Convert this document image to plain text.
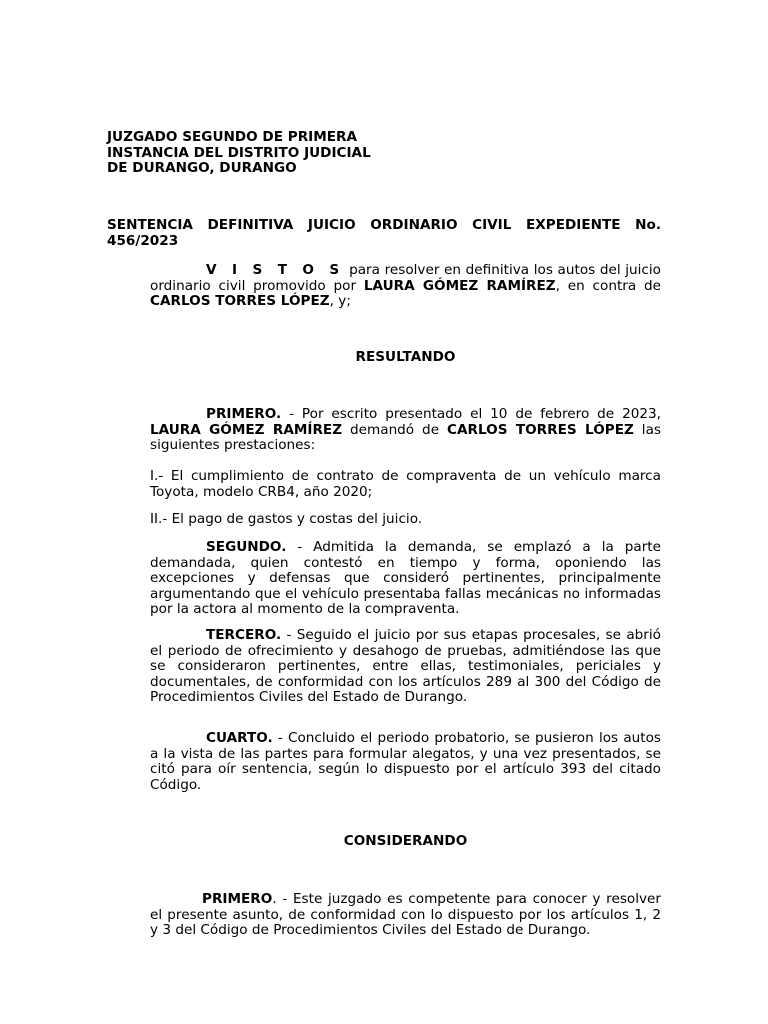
JUZGADO SEGUNDO DE PRIMERA
INSTANCIA DEL DISTRITO JUDICIAL
DE DURANGO, DURANGO

SENTENCIA DEFINITIVA JUICIO ORDINARIO CIVIL EXPEDIENTE No. 456/2023

V I S T O S para resolver en definitiva los autos del juicio ordinario civil promovido por LAURA GÓMEZ RAMÍREZ, en contra de CARLOS TORRES LÓPEZ, y;

RESULTANDO

PRIMERO. - Por escrito presentado el 10 de febrero de 2023, LAURA GÓMEZ RAMÍREZ demandó de CARLOS TORRES LÓPEZ las siguientes prestaciones:

I.- El cumplimiento de contrato de compraventa de un vehículo marca Toyota, modelo CRB4, año 2020;

II.- El pago de gastos y costas del juicio.

SEGUNDO. - Admitida la demanda, se emplazó a la parte demandada, quien contestó en tiempo y forma, oponiendo las excepciones y defensas que consideró pertinentes, principalmente argumentando que el vehículo presentaba fallas mecánicas no informadas por la actora al momento de la compraventa.

TERCERO. - Seguido el juicio por sus etapas procesales, se abrió el periodo de ofrecimiento y desahogo de pruebas, admitiéndose las que se consideraron pertinentes, entre ellas, testimoniales, periciales y documentales, de conformidad con los artículos 289 al 300 del Código de Procedimientos Civiles del Estado de Durango.

CUARTO. - Concluido el periodo probatorio, se pusieron los autos a la vista de las partes para formular alegatos, y una vez presentados, se citó para oír sentencia, según lo dispuesto por el artículo 393 del citado Código.

CONSIDERANDO

PRIMERO. - Este juzgado es competente para conocer y resolver el presente asunto, de conformidad con lo dispuesto por los artículos 1, 2 y 3 del Código de Procedimientos Civiles del Estado de Durango.
